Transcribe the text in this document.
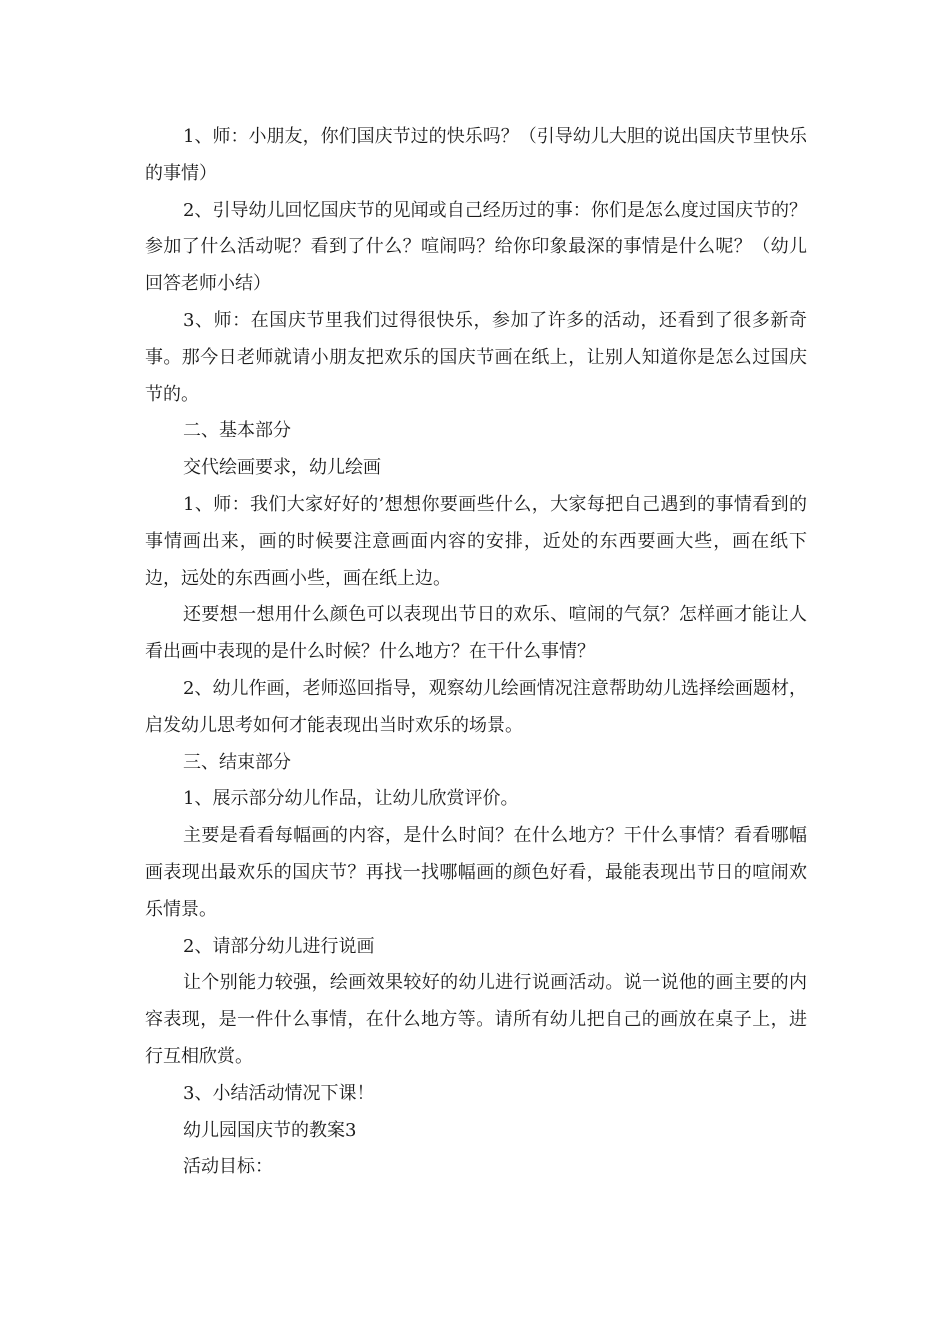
1、师：小朋友，你们国庆节过的快乐吗？（引导幼儿大胆的说出国庆节里快乐的事情）

2、引导幼儿回忆国庆节的见闻或自己经历过的事：你们是怎么度过国庆节的？参加了什么活动呢？看到了什么？喧闹吗？给你印象最深的事情是什么呢？（幼儿回答老师小结）

3、师：在国庆节里我们过得很快乐，参加了许多的活动，还看到了很多新奇事。那今日老师就请小朋友把欢乐的国庆节画在纸上，让别人知道你是怎么过国庆节的。

二、基本部分

交代绘画要求，幼儿绘画

1、师：我们大家好好的’想想你要画些什么，大家每把自己遇到的事情看到的事情画出来，画的时候要注意画面内容的安排，近处的东西要画大些，画在纸下边，远处的东西画小些，画在纸上边。

还要想一想用什么颜色可以表现出节日的欢乐、喧闹的气氛？怎样画才能让人看出画中表现的是什么时候？什么地方？在干什么事情？

2、幼儿作画，老师巡回指导，观察幼儿绘画情况注意帮助幼儿选择绘画题材，启发幼儿思考如何才能表现出当时欢乐的场景。

三、结束部分

1、展示部分幼儿作品，让幼儿欣赏评价。

主要是看看每幅画的内容，是什么时间？在什么地方？干什么事情？看看哪幅画表现出最欢乐的国庆节？再找一找哪幅画的颜色好看，最能表现出节日的喧闹欢乐情景。

2、请部分幼儿进行说画

让个别能力较强，绘画效果较好的幼儿进行说画活动。说一说他的画主要的内容表现，是一件什么事情，在什么地方等。请所有幼儿把自己的画放在桌子上，进行互相欣赏。

3、小结活动情况下课！

幼儿园国庆节的教案3

活动目标：
